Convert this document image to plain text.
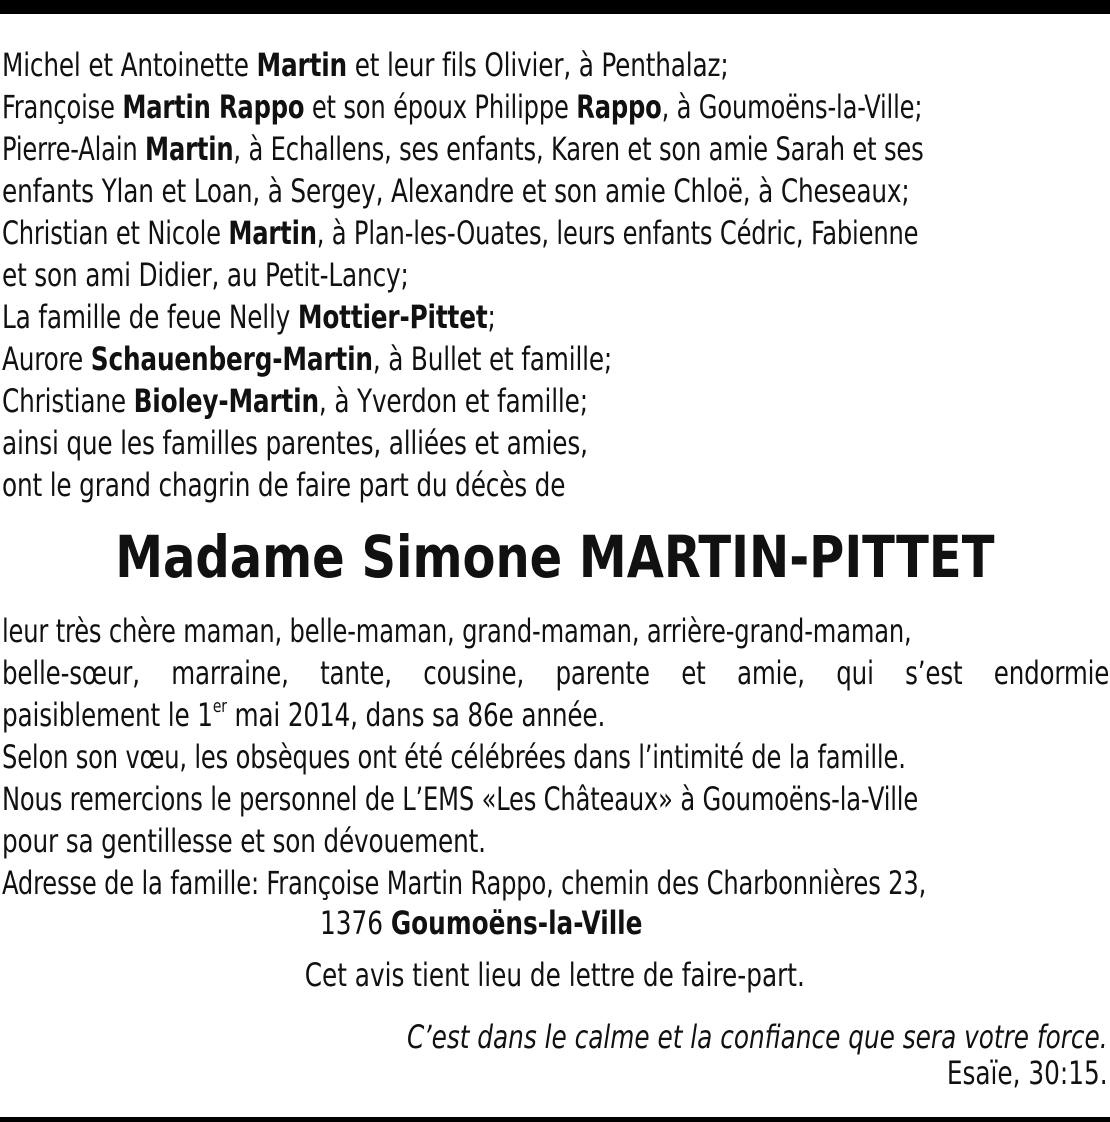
Michel et Antoinette Martin et leur fils Olivier, à Penthalaz;
Françoise Martin Rappo et son époux Philippe Rappo, à Goumoëns-la-Ville;
Pierre-Alain Martin, à Echallens, ses enfants, Karen et son amie Sarah et ses
enfants Ylan et Loan, à Sergey, Alexandre et son amie Chloë, à Cheseaux;
Christian et Nicole Martin, à Plan-les-Ouates, leurs enfants Cédric, Fabienne
et son ami Didier, au Petit-Lancy;
La famille de feue Nelly Mottier-Pittet;
Aurore Schauenberg-Martin, à Bullet et famille;
Christiane Bioley-Martin, à Yverdon et famille;
ainsi que les familles parentes, alliées et amies,
ont le grand chagrin de faire part du décès de
Madame Simone MARTIN-PITTET
leur très chère maman, belle-maman, grand-maman, arrière-grand-maman,
belle-sœur, marraine, tante, cousine, parente et amie, qui s’est endormie
paisiblement le 1er mai 2014, dans sa 86e année.
Selon son vœu, les obsèques ont été célébrées dans l’intimité de la famille.
Nous remercions le personnel de L’EMS «Les Châteaux» à Goumoëns-la-Ville
pour sa gentillesse et son dévouement.
Adresse de la famille: Françoise Martin Rappo, chemin des Charbonnières 23,
1376 Goumoëns-la-Ville
Cet avis tient lieu de lettre de faire-part.
C’est dans le calme et la confiance que sera votre force.
Esaïe, 30:15.
